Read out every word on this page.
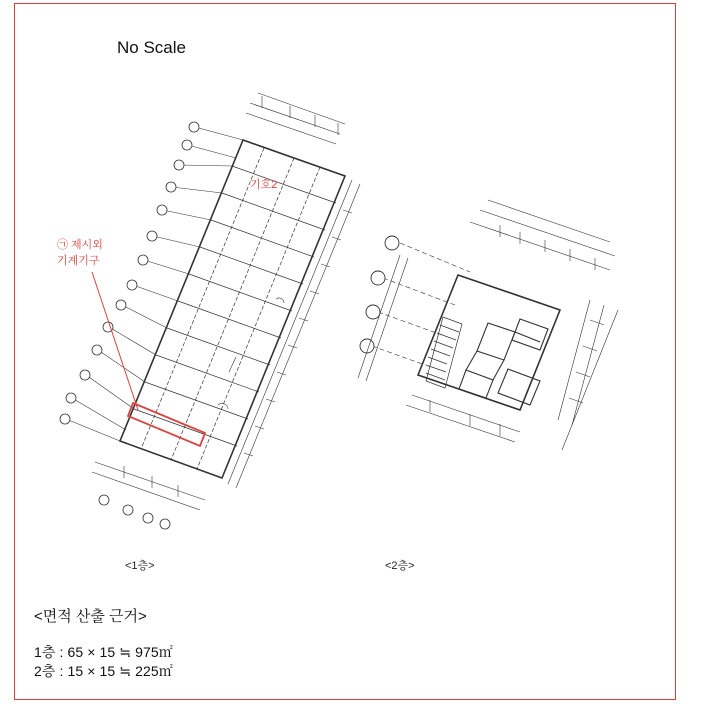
No Scale
기호2
㉠ 제시외
기계기구
<1층>	<2층>
<면적 산출 근거>
1층 : 65 × 15 ≒ 975㎡
2층 : 15 × 15 ≒ 225㎡
